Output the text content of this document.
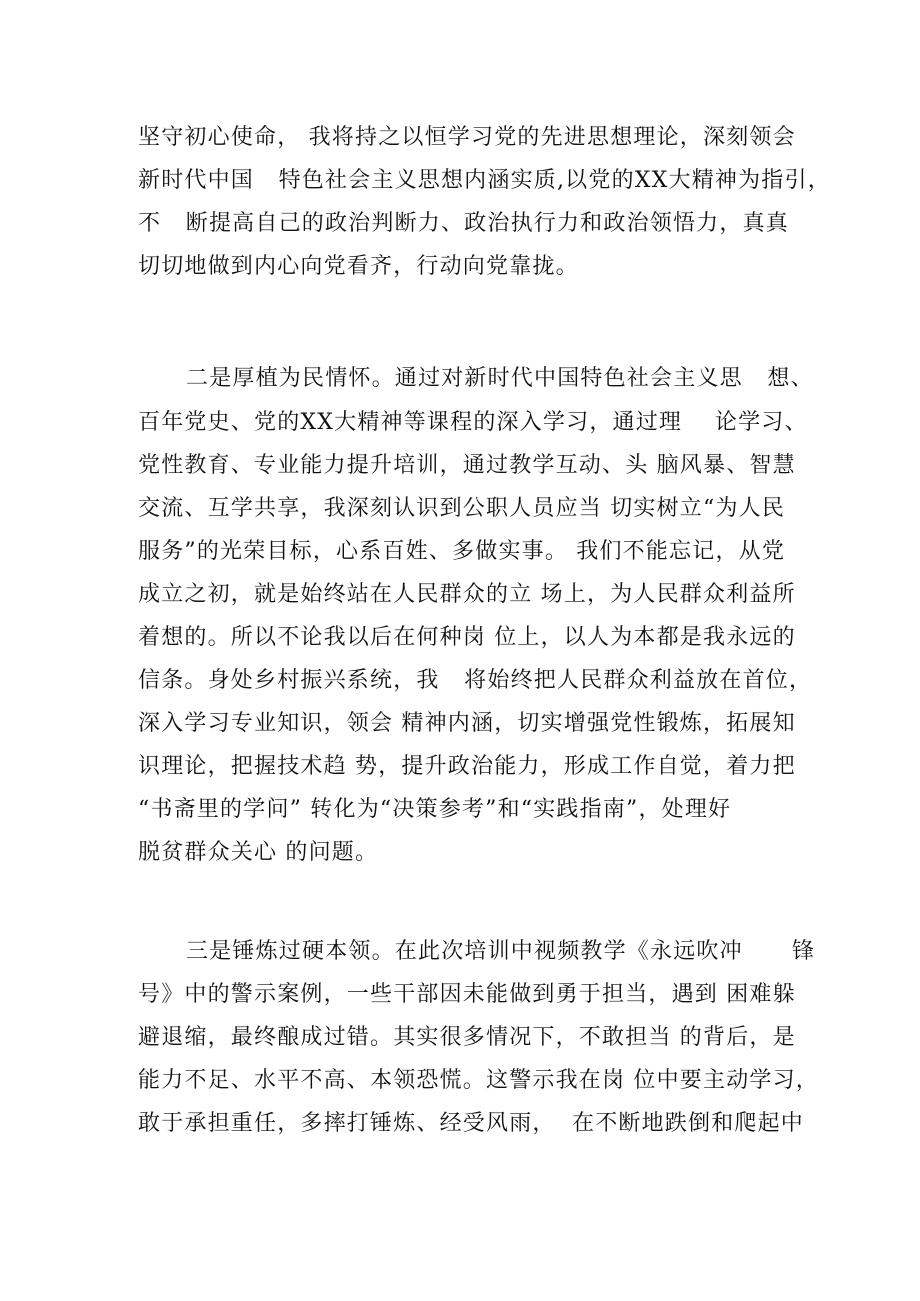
坚守初心使命， 我将持之以恒学习党的先进思想理论，深刻领会
新时代中国   特色社会主义思想内涵实质,以党的XX大精神为指引，
不   断提高自己的政治判断力、政治执行力和政治领悟力，真真
切切地做到内心向党看齐，行动向党靠拢。
二是厚植为民情怀。通过对新时代中国特色社会主义思   想、
百年党史、党的XX大精神等课程的深入学习，通过理    论学习、
党性教育、专业能力提升培训，通过教学互动、头 脑风暴、智慧
交流、互学共享，我深刻认识到公职人员应当 切实树立“为人民
服务”的光荣目标，心系百姓、多做实事。 我们不能忘记，从党
成立之初，就是始终站在人民群众的立 场上，为人民群众利益所
着想的。所以不论我以后在何种岗 位上，以人为本都是我永远的
信条。身处乡村振兴系统，我   将始终把人民群众利益放在首位，
深入学习专业知识，领会 精神内涵，切实增强党性锻炼，拓展知
识理论，把握技术趋 势，提升政治能力，形成工作自觉，着力把
“书斋里的学问” 转化为“决策参考”和“实践指南”，处理好
脱贫群众关心 的问题。
三是锤炼过硬本领。在此次培训中视频教学《永远吹冲      锋
号》中的警示案例，一些干部因未能做到勇于担当，遇到 困难躲
避退缩，最终酿成过错。其实很多情况下，不敢担当 的背后，是
能力不足、水平不高、本领恐慌。这警示我在岗 位中要主动学习，
敢于承担重任，多摔打锤炼、经受风雨，  在不断地跌倒和爬起中
